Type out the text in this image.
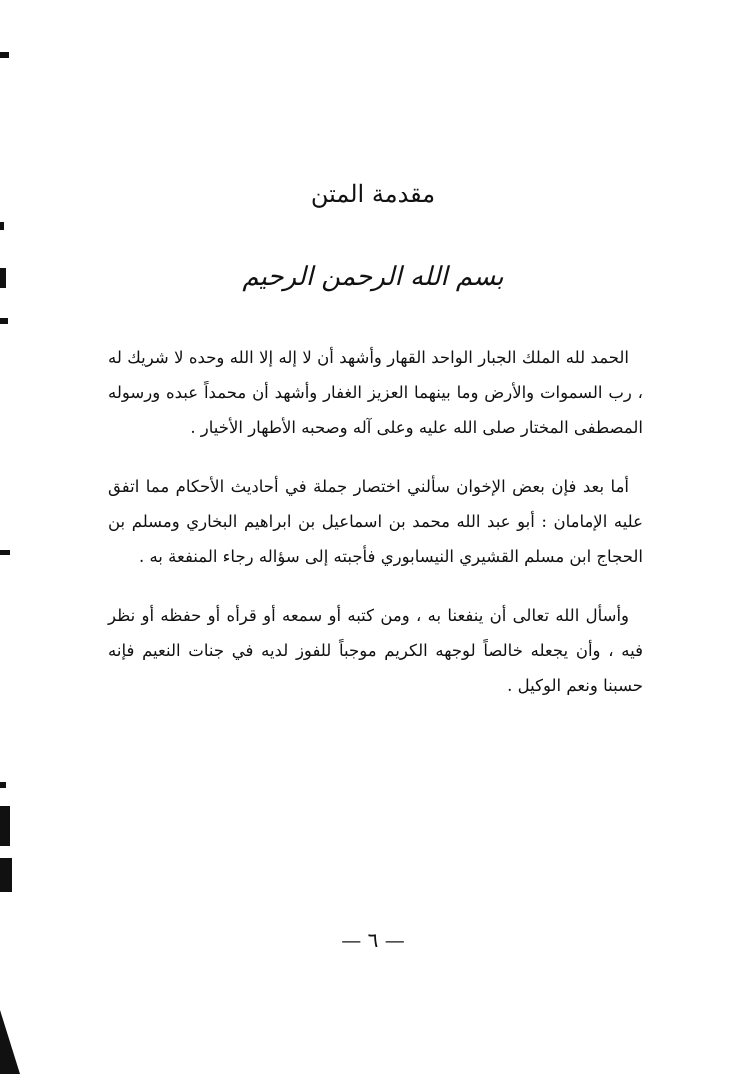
مقدمة المتن
بسم الله الرحمن الرحيم

الحمد لله الملك الجبار الواحد القهار وأشهد أن لا إله إلا الله وحده لا شريك له ، رب السموات والأرض وما بينهما العزيز الغفار وأشهد أن محمداً عبده ورسوله المصطفى المختار صلى الله عليه وعلى آله وصحبه الأطهار الأخيار .

أما بعد فإن بعض الإخوان سألني اختصار جملة في أحاديث الأحكام مما اتفق عليه الإمامان : أبو عبد الله محمد بن اسماعيل بن ابراهيم البخاري ومسلم بن الحجاج ابن مسلم القشيري النيسابوري فأجبته إلى سؤاله رجاء المنفعة به .

وأسأل الله تعالى أن ينفعنا به ، ومن كتبه أو سمعه أو قرأه أو حفظه أو نظر فيه ، وأن يجعله خالصاً لوجهه الكريم موجباً للفوز لديه في جنات النعيم فإنه حسبنا ونعم الوكيل .

— ٦ —
